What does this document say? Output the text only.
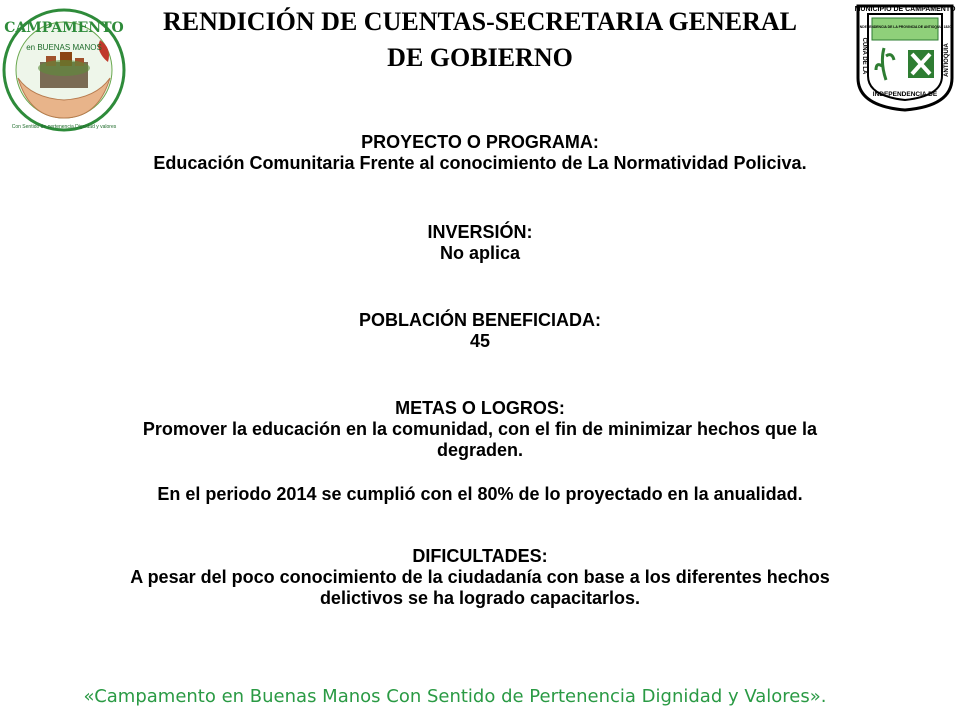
CAMPAMENTO
en BUENAS MANOS
Con Sentido de pertenencia,Dignidad y valores
RENDICIÓN DE CUENTAS-SECRETARIA GENERAL
DE GOBIERNO
MUNICIPIO DE CAMPAMENTO
INDEPENDENCIA DE LA PROVINCIA DE ANTIOQUIA 1820
CUNA DE LA	ANTIOQUIA
INDEPENDENCIA DE
PROYECTO O PROGRAMA:
Educación Comunitaria Frente al conocimiento de La Normatividad Policiva.
INVERSIÓN:
No aplica
POBLACIÓN BENEFICIADA:
45
METAS O LOGROS:
Promover la educación en la comunidad, con el fin de minimizar hechos que la
degraden.
En el periodo 2014 se cumplió con el 80% de lo proyectado en la anualidad.
DIFICULTADES:
A pesar del poco conocimiento de la ciudadanía con base a los diferentes hechos
delictivos se ha logrado capacitarlos.
«Campamento en Buenas Manos Con Sentido de Pertenencia Dignidad y Valores».
